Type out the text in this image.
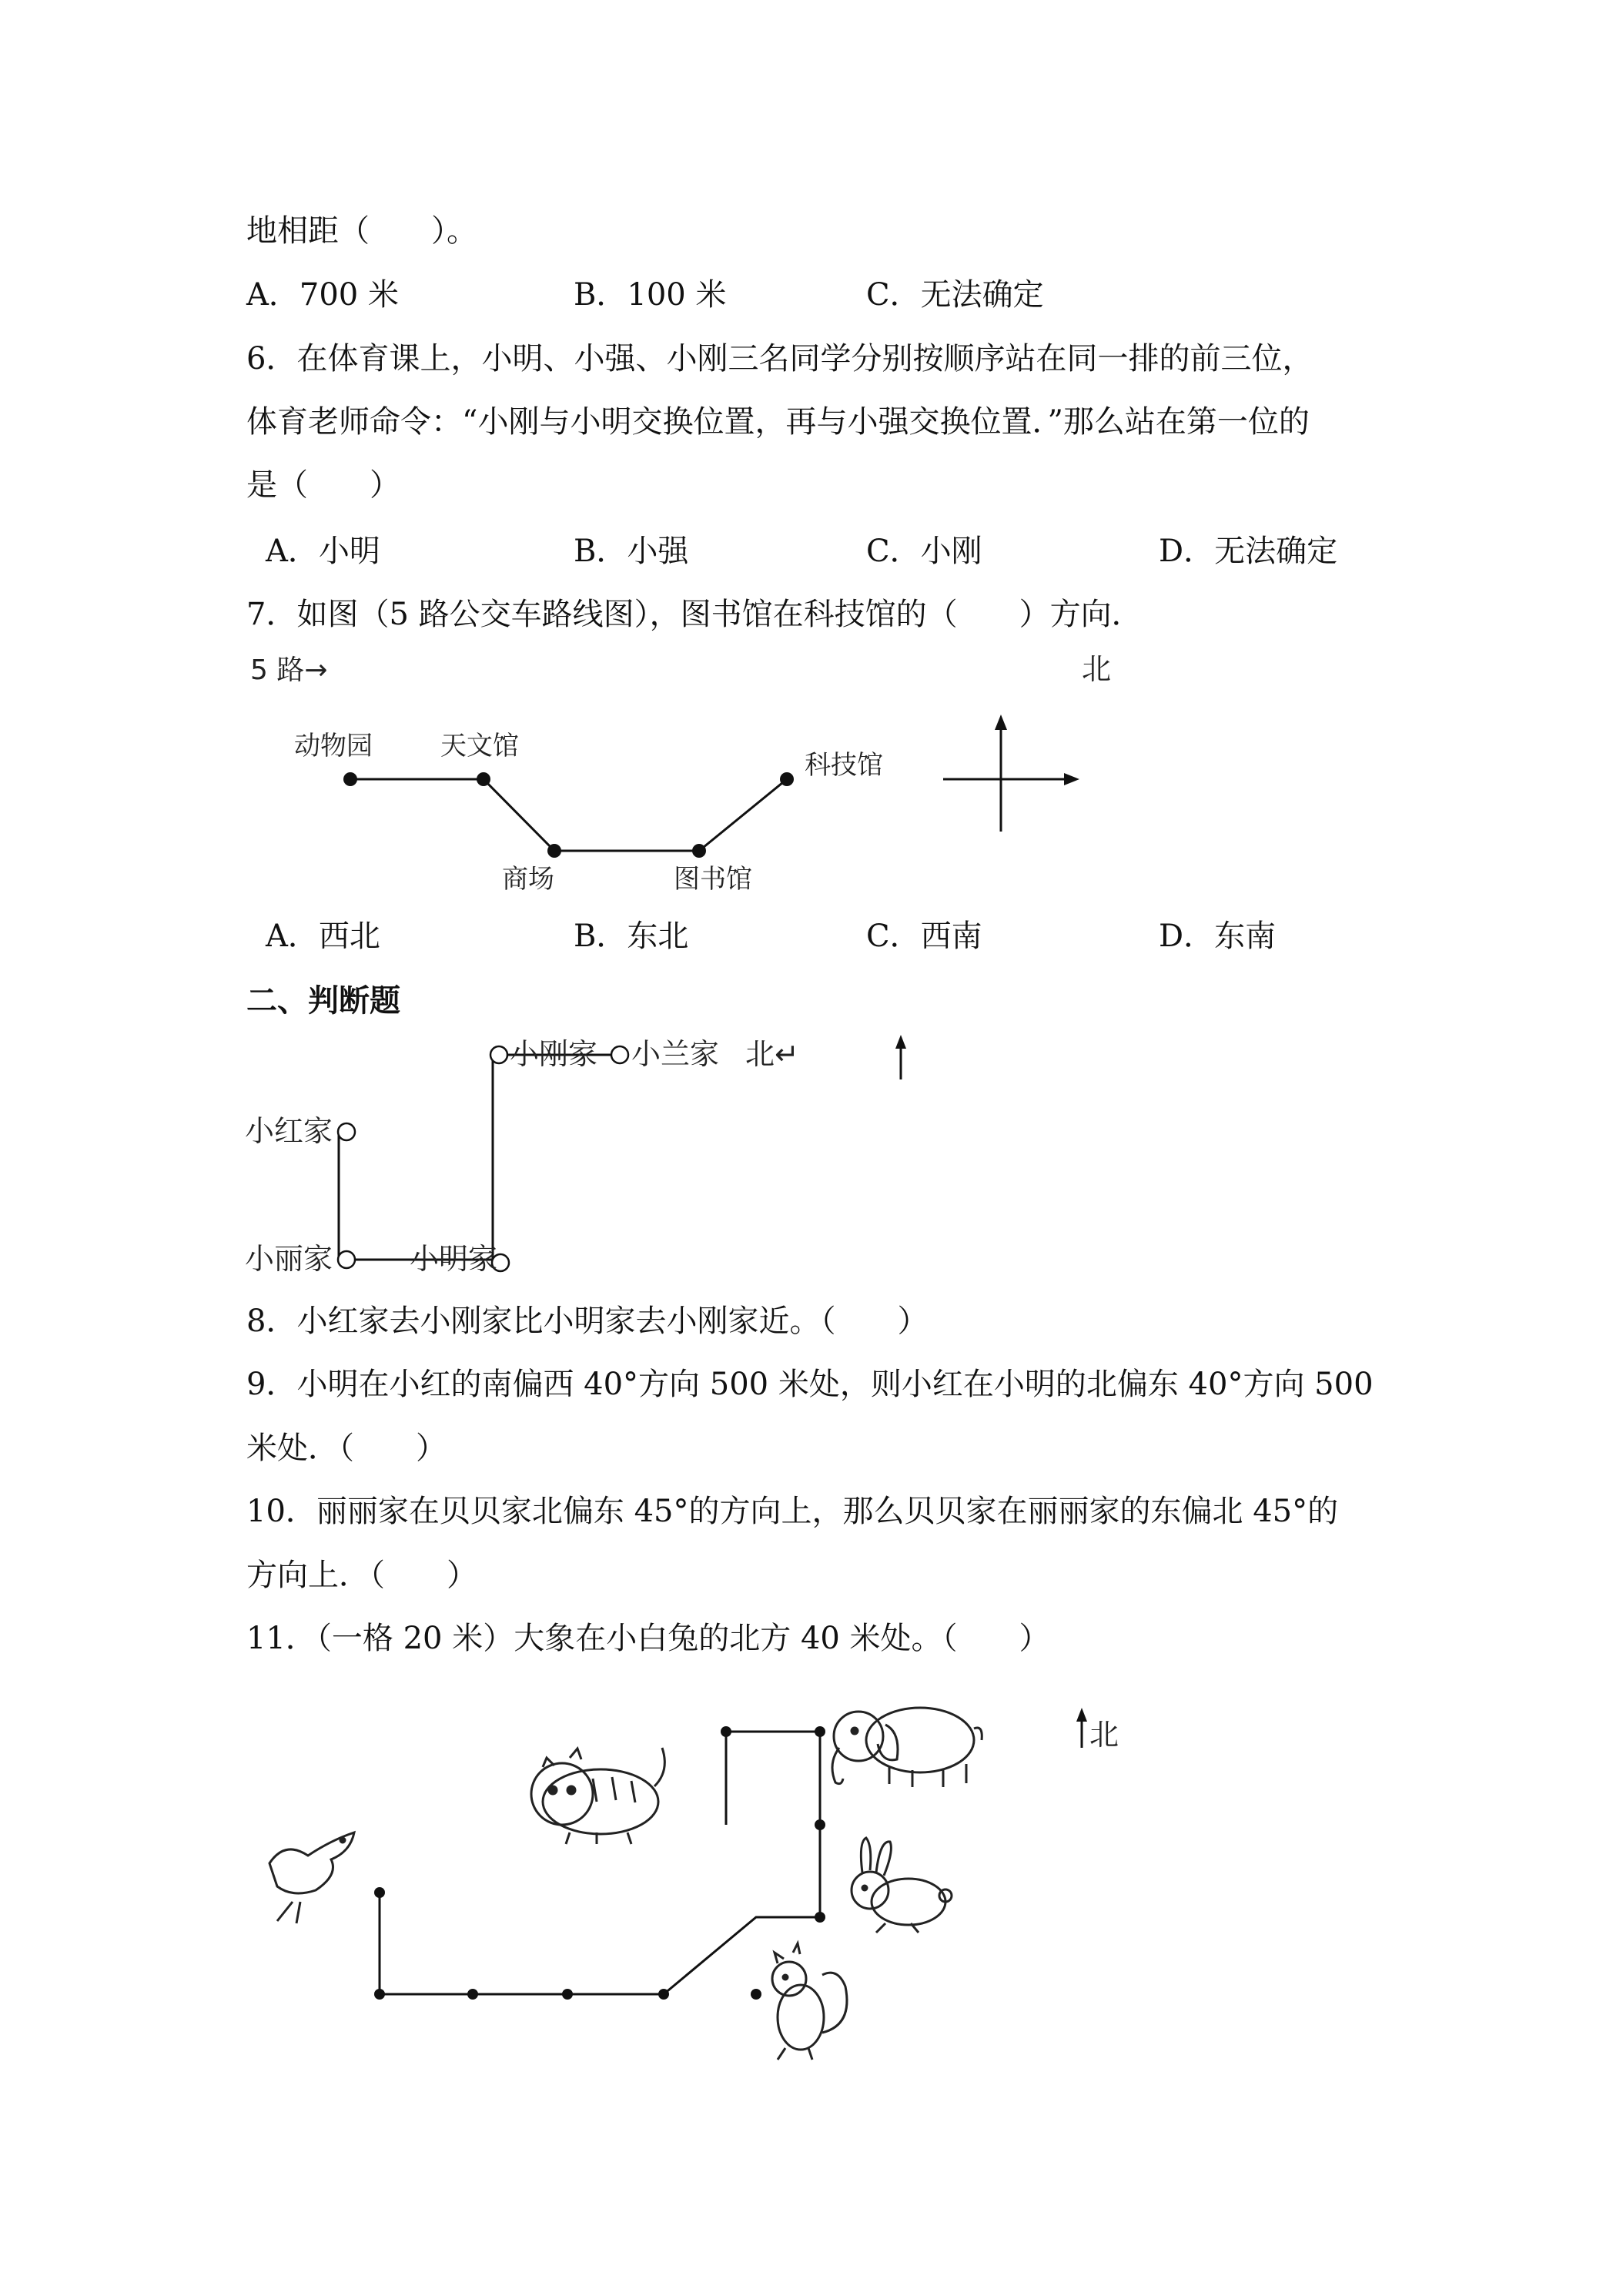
地相距（　　）。
A．700 米	B．100 米	C．无法确定
6．在体育课上，小明、小强、小刚三名同学分别按顺序站在同一排的前三位，
体育老师命令：“小刚与小明交换位置，再与小强交换位置．”那么站在第一位的
是（　　）
A．小明	B．小强	C．小刚	D．无法确定
7．如图（5 路公交车路线图），图书馆在科技馆的（　　）方向．
5 路→	北
动物园	天文馆
商场	图书馆
科技馆
A．西北	B．东北	C．西南	D．东南
二、判断题
小刚家 小兰家 北↵
小红家
小丽家	小明家
8．小红家去小刚家比小明家去小刚家近。（　　）
9．小明在小红的南偏西 40°方向 500 米处，则小红在小明的北偏东 40°方向 500
米处．（　　）
10．丽丽家在贝贝家北偏东 45°的方向上，那么贝贝家在丽丽家的东偏北 45°的
方向上．（　　）
11．（一格 20 米）大象在小白兔的北方 40 米处。（　　）
北
